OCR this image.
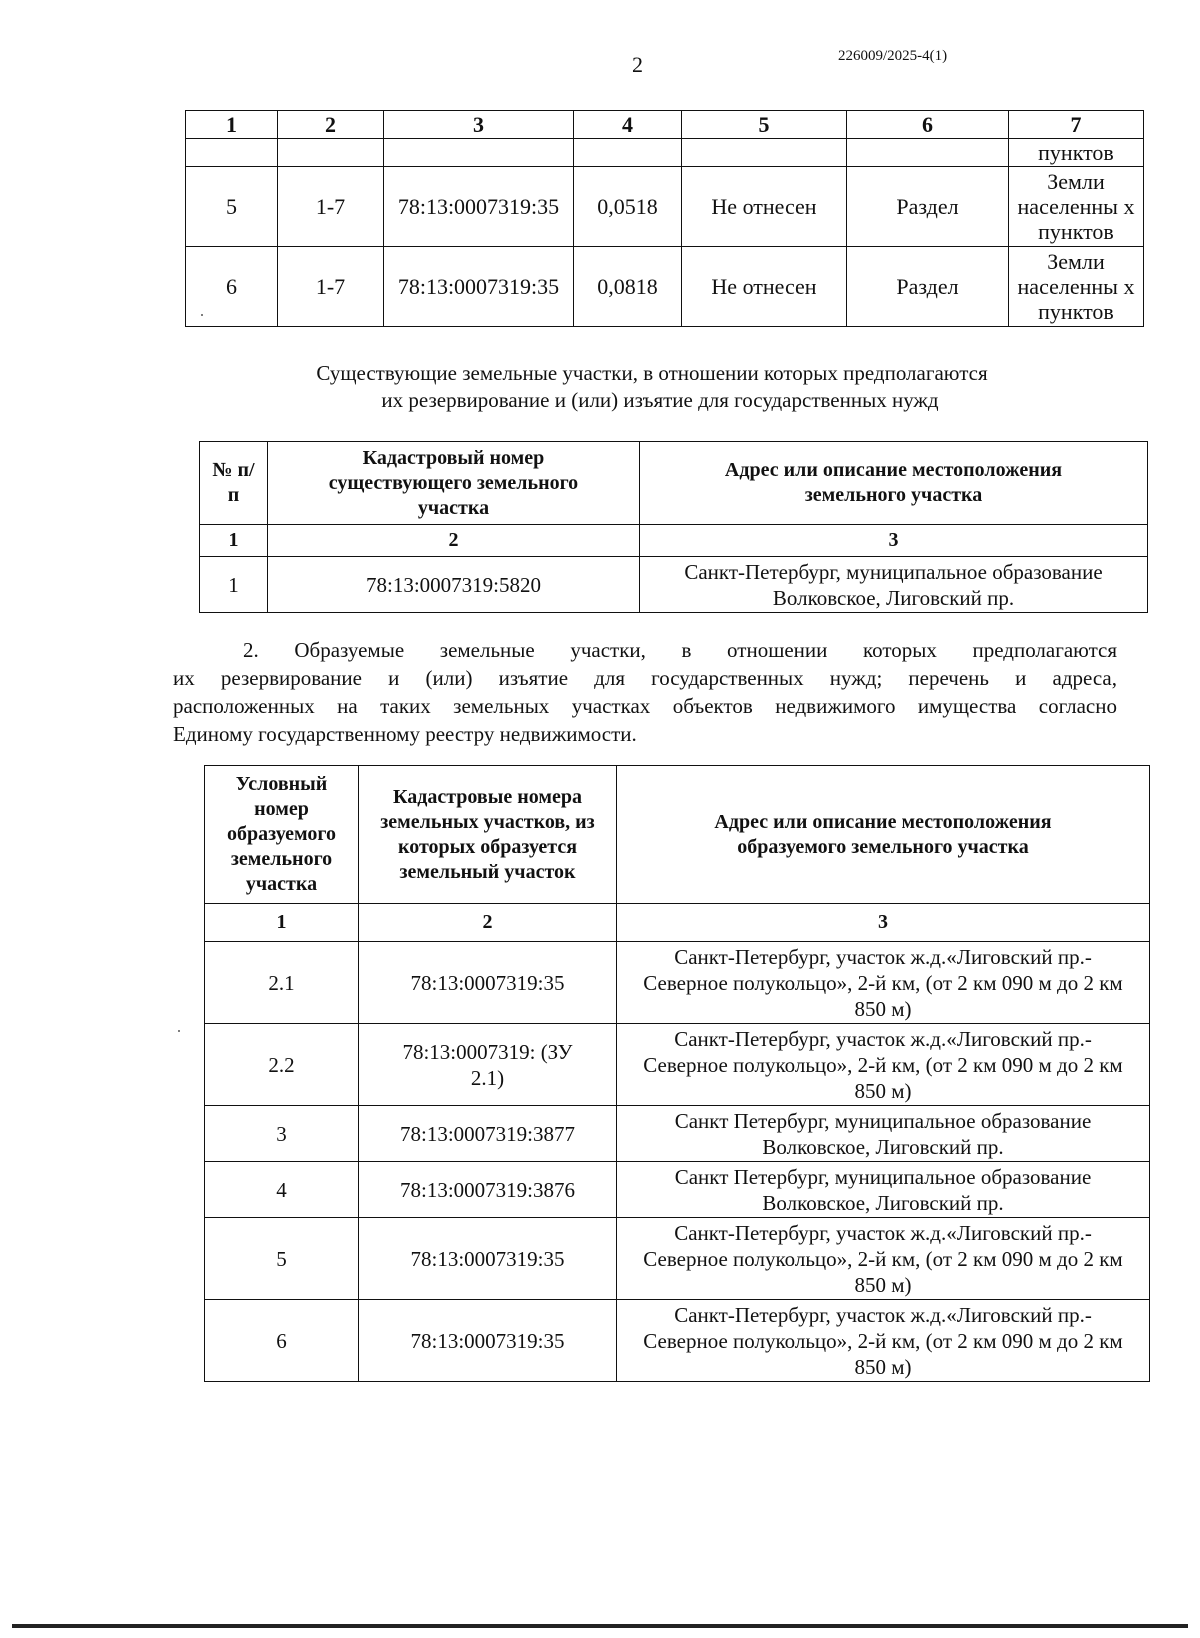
2	226009/2025-4(1)
1	2	3	4	5	6	7
						пунктов
5	1-7	78:13:0007319:35	0,0518	Не отнесен	Раздел	Земли населенны х пунктов
6	1-7	78:13:0007319:35	0,0818	Не отнесен	Раздел	Земли населенны х пунктов
Существующие земельные участки, в отношении которых предполагаются
их резервирование и (или) изъятие для государственных нужд
№ п/п	Кадастровый номер существующего земельного участка	Адрес или описание местоположения земельного участка
1	2	3
1	78:13:0007319:5820	Санкт-Петербург, муниципальное образование Волковское, Лиговский пр.
2. Образуемые земельные участки, в отношении которых предполагаются
их резервирование и (или) изъятие для государственных нужд; перечень и адреса,
расположенных на таких земельных участках объектов недвижимого имущества согласно
Единому государственному реестру недвижимости.
Условный номер образуемого земельного участка	Кадастровые номера земельных участков, из которых образуется земельный участок	Адрес или описание местоположения образуемого земельного участка
1	2	3
2.1	78:13:0007319:35	Санкт-Петербург, участок ж.д.«Лиговский пр.- Северное полукольцо», 2-й км, (от 2 км 090 м до 2 км 850 м)
2.2	78:13:0007319: (ЗУ 2.1)	Санкт-Петербург, участок ж.д.«Лиговский пр.- Северное полукольцо», 2-й км, (от 2 км 090 м до 2 км 850 м)
3	78:13:0007319:3877	Санкт Петербург, муниципальное образование Волковское, Лиговский пр.
4	78:13:0007319:3876	Санкт Петербург, муниципальное образование Волковское, Лиговский пр.
5	78:13:0007319:35	Санкт-Петербург, участок ж.д.«Лиговский пр.- Северное полукольцо», 2-й км, (от 2 км 090 м до 2 км 850 м)
6	78:13:0007319:35	Санкт-Петербург, участок ж.д.«Лиговский пр.- Северное полукольцо», 2-й км, (от 2 км 090 м до 2 км 850 м)
